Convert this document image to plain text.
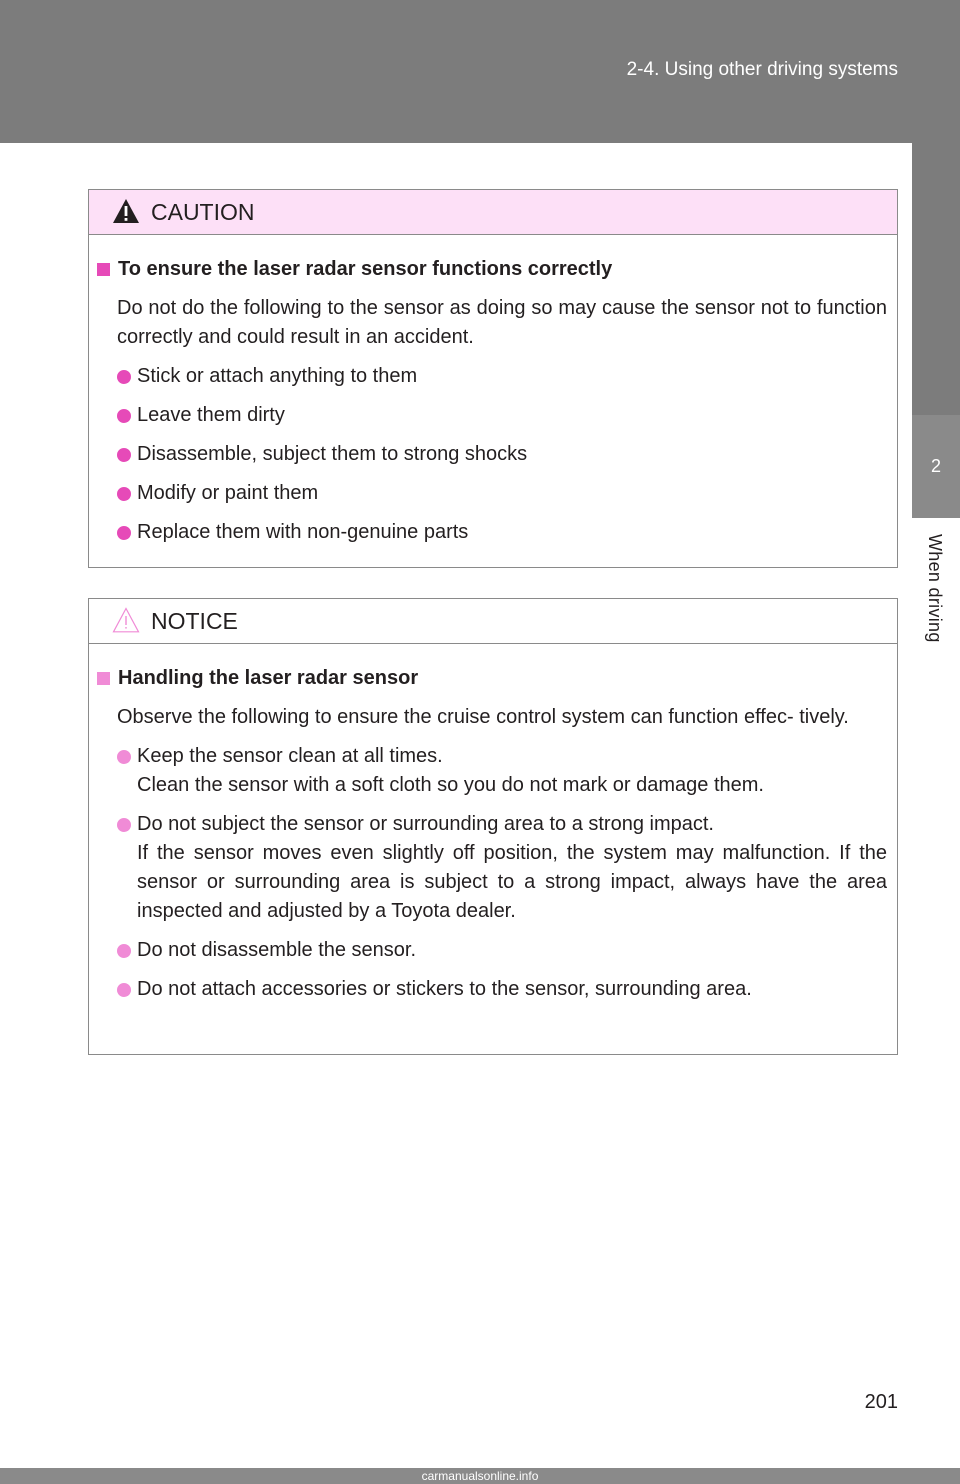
2-4. Using other driving systems
2
When driving
CAUTION
To ensure the laser radar sensor functions correctly
Do not do the following to the sensor as doing so may cause the sensor not to function correctly and could result in an accident.
Stick or attach anything to them
Leave them dirty
Disassemble, subject them to strong shocks
Modify or paint them
Replace them with non-genuine parts
NOTICE
Handling the laser radar sensor
Observe the following to ensure the cruise control system can function effec- tively.
Keep the sensor clean at all times.
Clean the sensor with a soft cloth so you do not mark or damage them.
Do not subject the sensor or surrounding area to a strong impact.
If the sensor moves even slightly off position, the system may malfunction. If the sensor or surrounding area is subject to a strong impact, always have the area inspected and adjusted by a Toyota dealer.
Do not disassemble the sensor.
Do not attach accessories or stickers to the sensor, surrounding area.
201
carmanualsonline.info
